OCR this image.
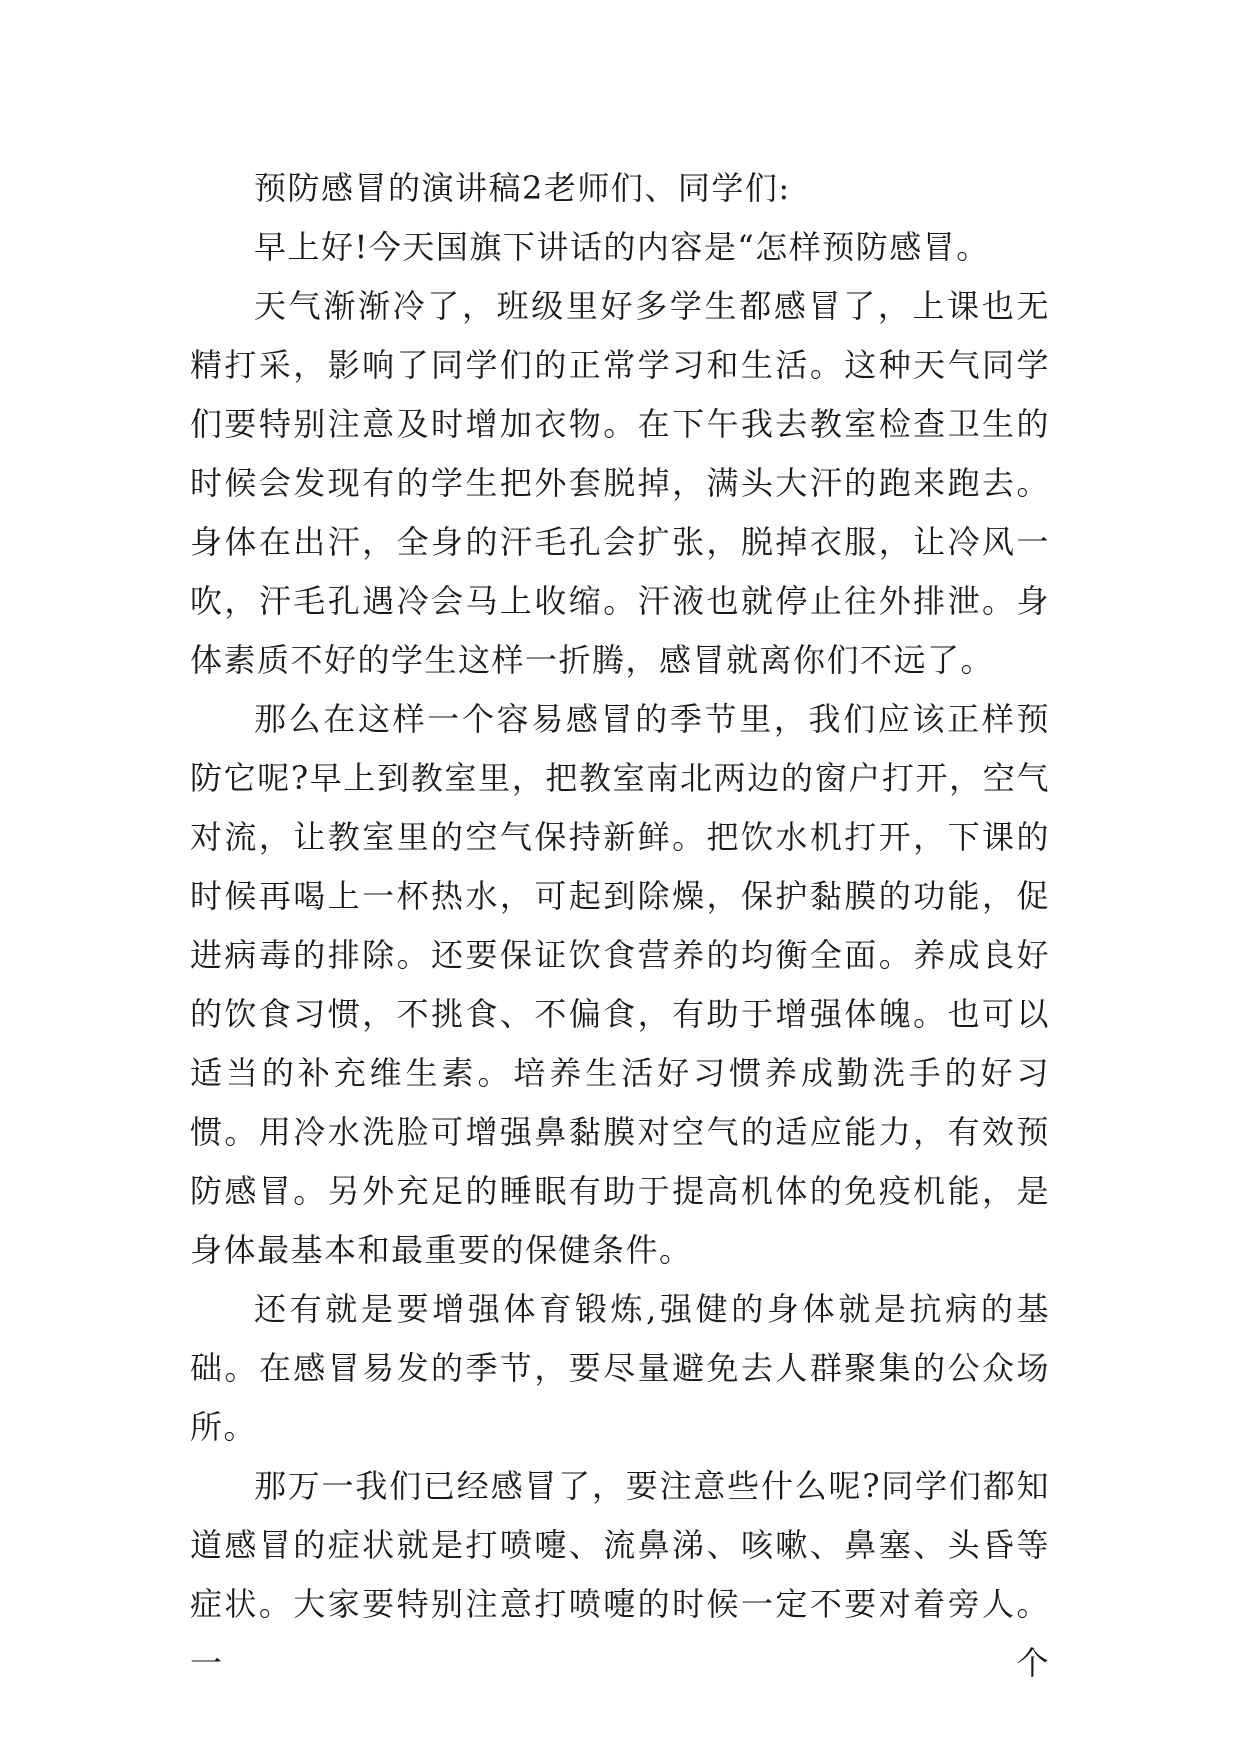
预防感冒的演讲稿2老师们、同学们:

早上好!今天国旗下讲话的内容是“怎样预防感冒。

天气渐渐冷了，班级里好多学生都感冒了，上课也无精打采，影响了同学们的正常学习和生活。这种天气同学们要特别注意及时增加衣物。在下午我去教室检查卫生的时候会发现有的学生把外套脱掉，满头大汗的跑来跑去。身体在出汗，全身的汗毛孔会扩张，脱掉衣服，让冷风一吹，汗毛孔遇冷会马上收缩。汗液也就停止往外排泄。身体素质不好的学生这样一折腾，感冒就离你们不远了。

那么在这样一个容易感冒的季节里，我们应该正样预防它呢?早上到教室里，把教室南北两边的窗户打开，空气对流，让教室里的空气保持新鲜。把饮水机打开，下课的时候再喝上一杯热水，可起到除燥，保护黏膜的功能，促进病毒的排除。还要保证饮食营养的均衡全面。养成良好的饮食习惯，不挑食、不偏食，有助于增强体魄。也可以适当的补充维生素。培养生活好习惯养成勤洗手的好习惯。用冷水洗脸可增强鼻黏膜对空气的适应能力，有效预防感冒。另外充足的睡眠有助于提高机体的免疫机能，是身体最基本和最重要的保健条件。

还有就是要增强体育锻炼,强健的身体就是抗病的基础。在感冒易发的季节，要尽量避免去人群聚集的公众场所。

那万一我们已经感冒了，要注意些什么呢?同学们都知道感冒的症状就是打喷嚏、流鼻涕、咳嗽、鼻塞、头昏等症状。大家要特别注意打喷嚏的时候一定不要对着旁人。一个
